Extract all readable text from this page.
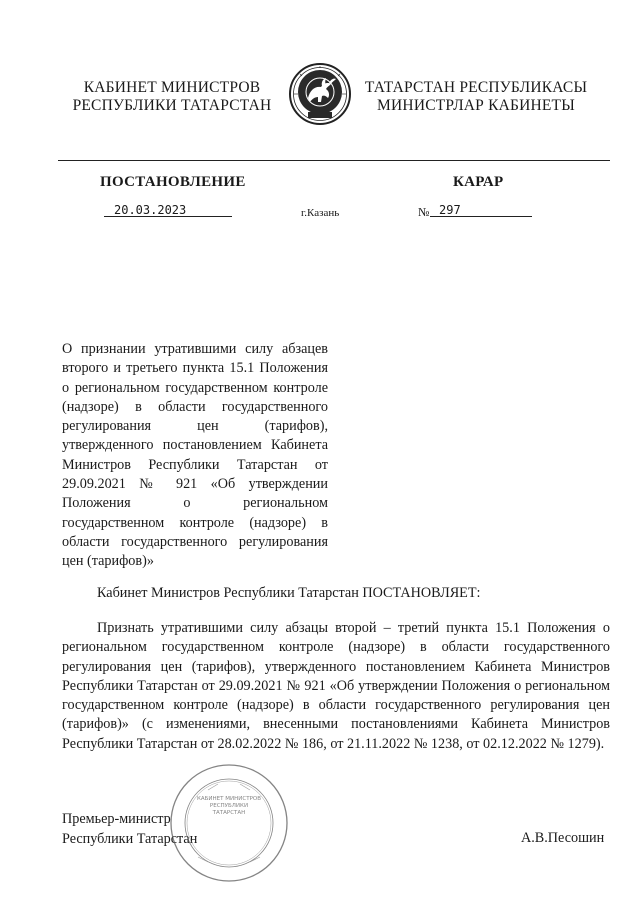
КАБИНЕТ МИНИСТРОВ
РЕСПУБЛИКИ ТАТАРСТАН
ТАТАРСТАН РЕСПУБЛИКАСЫ
МИНИСТРЛАР КАБИНЕТЫ
ПОСТАНОВЛЕНИЕ	КАРАР
20.03.2023	г.Казань	№ 297
О признании утратившими силу абзацев второго и третьего пункта 15.1 Положения о региональном государственном контроле (надзоре) в области государственного регулирования цен (тарифов), утвержденного постановлением Кабинета Министров Республики Татарстан от 29.09.2021 № 921 «Об утверждении Положения о региональном государственном контроле (надзоре) в области государственного регулирования цен (тарифов)»
Кабинет Министров Республики Татарстан ПОСТАНОВЛЯЕТ:
Признать утратившими силу абзацы второй – третий пункта 15.1 Положения о региональном государственном контроле (надзоре) в области государственного регулирования цен (тарифов), утвержденного постановлением Кабинета Министров Республики Татарстан от 29.09.2021 № 921 «Об утверждении Положения о региональном государственном контроле (надзоре) в области государственного регулирования цен (тарифов)» (с изменениями, внесенными постановлениями Кабинета Министров Республики Татарстан от 28.02.2022 № 186, от 21.11.2022 № 1238, от 02.12.2022 № 1279).
Премьер-министр
Республики Татарстан	А.В.Песошин
КАБИНЕТ МИНИСТРОВ РЕСПУБЛИКИ ТАТАРСТАН
